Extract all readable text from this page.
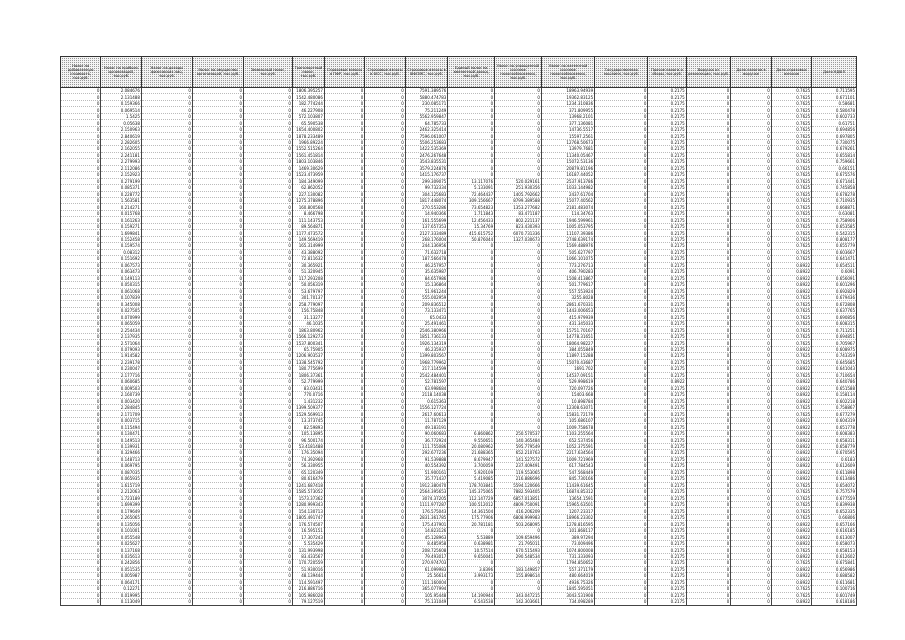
Налог на добавленную стоимость, тыс.руб.	Налог на прибыль организаций, тыс.руб.	Налог на доходы физических лиц, тыс.руб.	Налог на имущество организаций, тыс.руб.	Земельный налог, тыс.руб.	Транспортный налог, тыс.руб.	Страховые взносы в ПФР, тыс.руб.	Страховые взносы в ФСС, тыс.руб.	Страховые взносы в ФФОМС, тыс.руб.	Единый налог на вмененный доход, тыс.руб.	Налог по упрощенной системе налогообложения, тыс.руб.	Налог по патентной системе налогообложения, тыс.руб.	Государственная пошлина, тыс.руб.	Прочие налоги и сборы, тыс.руб.	Выручка от реализации, тыс.руб.	Доля налогов в выручке	Доля страховых взносов	Доля НДФЛ
0	2.084676	0	0	0	1806.395257	0	0	7591.389576	0	0	18963.94939	0	0.2175	0	0	0.7625	0.711595
0	2.131488	0	0	0	1542.480086	0	0	5880.474783	0	0	19362.83125	0	0.2175	0	0	0.7625	0.671101
0	0.159366	0	0	0	182.774244	0	0	230.085171	0	0	1234.310836	0	0.2175	0	0	0.7625	0.58681
0	0.069514	0	0	0	46.227908	0	0	75.211249	0	0	371.809955	0	0.2175	0	0	0.7625	0.580478
0	1.5425	0	0	0	572.103807	0	0	5562.959847	0	0	13968.2101	0	0.2175	0	0	0.7625	0.602733
0	0.05638	0	0	0	65.590538	0	0	64.785733	0	0	377.136081	0	0.2175	0	0	0.7625	0.61751
0	2.150963	0	0	0	1654.400802	0	0	2462.325414	0	0	14736.5517	0	0.2175	0	0	0.7625	0.694856
0	2.840619	0	0	0	1878.233489	0	0	7596.061007	0	0	15597.2561	0	0.2175	0	0	0.7625	0.697805
0	2.282605	0	0	0	1966.89224	0	0	5506.253683	0	0	12768.50673	0	0.2175	0	0	0.7625	0.730075
0	2.162055	0	0	0	1552.515264	0	0	1422.535369	0	0	13979.7681	0	0.2175	0	0	0.7625	0.679261
0	2.241181	0	0	0	1561.451814	0	0	2476.267648	0	0	11340.05467	0	0.2175	0	0	0.7625	0.655814
0	2.279993	0	0	0	1803.103846	0	0	3543.835531	0	0	15072.53136	0	0.2175	0	0	0.7625	0.759661
0	2.112086	0	0	0	1469.30629	0	0	3579.224876	0	0	20879.81196	0	0.2175	0	0	0.7625	0.66151
0	2.152923	0	0	0	1523.473959	0	0	1415.176737	0	0	16187.44052	0	0.2175	0	0	0.7625	0.675576
0	0.279199	0	0	0	184.349099	0	0	299.309075	13.117076	520.029161	2537.913786	0	0.2175	0	0	0.7625	0.671441
0	0.085371	0	0	0	62.862052	0	0	99.732334	5.133091	251.930356	1033.144982	0	0.2175	0	0	0.7625	0.745858
0	0.228772	0	0	0	227.130082	0	0	304.125683	72.464437	1405.792662	2437.61704	0	0.2175	0	0	0.7625	0.678278
0	1.563581	0	0	0	1275.378896	0	0	1817.448074	309.156667	8799.389588	15077.40562	0	0.2175	0	0	0.7625	0.710935
0	0.214271	0	0	0	160.800568	0	0	270.553286	73.654823	1353.277682	2181.483074	0	0.2175	0	0	0.7625	0.668871
0	0.015768	0	0	0	8.466798	0	0	14.940366	1.711843	83.471187	114.34763	0	0.2175	0	0	0.7625	0.63081
0	0.161263	0	0	0	111.143753	0	0	161.555699	12.456433	802.221137	1946.599961	0	0.2175	0	0	0.7625	0.758906
0	0.159271	0	0	0	89.564871	0	0	137.657353	15.34769	823.430393	1005.053795	0	0.2175	0	0	0.7625	0.653585
0	1.699841	0	0	0	1177.473572	0	0	2127.333489	415.615752	6070.731336	11107.39386	0	0.2175	0	0	0.7625	0.542315
0	0.152458	0	0	0	149.569419	0	0	268.176004	50.876044	1327.030673	2748.639174	0	0.2175	0	0	0.7625	0.808177
0	0.159574	0	0	0	165.314999	0	0	244.136956	0	0	1569.488976	0	0.2175	0	0	0.7625	0.655779
0	0.08312	0	0	0	43.388092	0	0	71.632718	0	0	505.627797	0	0.2175	0	0	0.7625	0.603667
0	0.151692	0	0	0	72.811632	0	0	187.566478	0	0	1066.101075	0	0.2175	0	0	0.7625	0.641471
0	0.067573	0	0	0	30.365921	0	0	46.257957	0	0	773.276713	0	0.2175	0	0	0.8922	0.654511
0	0.063473	0	0	0	51.320945	0	0	35.635987	0	0	406.790283	0	0.2175	0	0	0.8922	0.6091
0	0.149113	0	0	0	117.293208	0	0	84.657986	0	0	1508.413867	0	0.2175	0	0	0.8922	0.656091
0	0.050315	0	0	0	50.056319	0	0	15.136864	0	0	501.779617	0	0.2175	0	0	0.8922	0.601296
0	0.061068	0	0	0	53.679797	0	0	51.961244	0	0	557.553924	0	0.2175	0	0	0.8922	0.692829
0	0.107839	0	0	0	301.70137	0	0	555.002959	0	0	3255.8028	0	0.2175	0	0	0.7625	0.679436
0	0.345008	0	0	0	258.779097	0	0	209.836512	0	0	2861.670331	0	0.2175	0	0	0.7625	0.672808
0	0.027505	0	0	0	156.75848	0	0	73.133471	0	0	1443.006653	0	0.2175	0	0	0.7625	0.637765
0	0.070999	0	0	0	31.13277	0	0	65.0433	0	0	415.979939	0	0.2175	0	0	0.7625	0.690856
0	0.065059	0	0	0	46.1035	0	0	25.491461	0	0	431.345033	0	0.2175	0	0	0.7625	0.608315
0	2.254434	0	0	0	1863.80962	0	0	2546.380966	0	0	15751.70167	0	0.2175	0	0	0.7625	0.711251
0	2.137935	0	0	0	1566.129273	0	0	1851.736133	0	0	14778.31651	0	0.2175	0	0	0.7625	0.694851
0	2.571064	0	0	0	1537.800341	0	0	1926.134319	0	0	18064.98227	0	0.2175	0	0	0.7625	0.705967
0	0.079093	0	0	0	65.75905	0	0	46.235937	0	0	384.055849	0	0.2175	0	0	0.8922	0.608975
0	1.914582	0	0	0	1206.903537	0	0	1399.803567	0	0	11897.15288	0	0.2175	0	0	0.7625	0.743359
0	2.239178	0	0	0	1338.545792	0	0	1968.779962	0	0	15070.43687	0	0.2175	0	0	0.7625	0.645685
0	0.230047	0	0	0	180.775699	0	0	217.114599	0	0	1691.702	0	0.2175	0	0	0.8922	0.641043
0	2.177716	0	0	0	1806.37361	0	0	2542.484401	0	0	14537.09151	0	0.2175	0	0	0.7625	0.710654
0	0.060685	0	0	0	52.779999	0	0	52.781597	0	0	529.998619	0	0.8922	0	0	0.8922	0.640786
0	0.009503	0	0	0	83.03431	0	0	63.998684	0	0	720.097726	0	0.2175	0	0	0.8922	0.651588
0	2.160739	0	0	0	770.0716	0	0	2118.14038	0	0	15403.668	0	0.2175	0	0	0.8922	0.158114
0	0.003420	0	0	0	1.431232	0	0	0.615363	0	0	10.898784	0	0.2175	0	0	0.8922	0.602218
0	2.284845	0	0	0	1399.509377	0	0	1556.127724	0	0	12308.63071	0	0.2175	0	0	0.7625	0.758867
0	2.171709	0	0	0	1529.569913	0	0	2617.60613	0	0	15831.72179	0	0.2175	0	0	0.7625	0.677279
0	0.003715	0	0	0	13.373745	0	0	11.787129	0	0	105.686107	0	0.2175	0	0	0.8922	0.604319
0	0.115494	0	0	0	82.59893	0	0	49.183191	0	0	1009.758678	0	0.2175	0	0	0.8922	0.651778
0	0.130471	0	0	0	105.13895	0	0	90.060683	6.860862	250.570537	1103.255564	0	0.2175	0	0	0.8922	0.608383
0	0.149513	0	0	0	96.500174	0	0	36.772924	9.550651	140.365484	652.537456	0	0.2175	0	0	0.8922	0.658311
0	0.139931	0	0	0	53.4181488	0	0	111.755086	20.080962	595.779549	1052.375591	0	0.2175	0	0	0.8922	0.658779
0	0.329466	0	0	0	176.35094	0	0	292.677236	21.688365	652.210763	2217.634564	0	0.2175	0	0	0.8922	0.670595
0	0.148713	0	0	0	74.392968	0	0	91.539888	8.679947	141.527572	1009.721969	0	0.2175	0	0	0.8922	0.6183
0	0.069795	0	0	0	56.330955	0	0	40.554392	3.700059	237.409491	617.784543	0	0.2175	0	0	0.8922	0.612609
0	0.087035	0	0	0	65.120349	0	0	51.900161	5.920109	119.553065	547.568449	0	0.2175	0	0	0.8922	0.611898
0	0.065935	0	0	0	80.616479	0	0	35.771437	5.419085	216.886696	845.730166	0	0.2175	0	0	0.8922	0.613486
0	1.615719	0	0	0	1241.687418	0	0	1912.380470	178.703841	5594.120666	11439.61645	0	0.2175	0	0	0.7625	0.654072
0	2.212063	0	0	0	1585.573052	0	0	2564.395653	145.375065	7882.593405	16874.85312	0	0.2175	0	0	0.7625	0.757579
0	1.723189	0	0	0	1573.37362	0	0	3074.37205	112.147729	6857.013851	13654.1591	0	0.2175	0	0	0.7625	0.677559
0	1.699399	0	0	0	1280.999343	0	0	1111.977287	100.512012	4809.750091	15965.63501	0	0.2175	0	0	0.7625	0.839938
0	0.179649	0	0	0	154.130713	0	0	176.575043	14.361504	416.206209	1207.23317	0	0.2175	0	0	0.7625	0.652335
0	2.265065	0	0	0	1805.491747	0	0	2831.361785	175.77906	6808.999983	18966.23302	0	0.2175	0	0	0.7625	0.66806
0	0.135056	0	0	0	176.574507	0	0	175.437901	20.781181	503.268095	1278.816595	0	0.2175	0	0	0.8922	0.657166
0	0.101001	0	0	0	16.595151	0	0	14.823126	0	0	101.868117	0	0.2175	0	0	0.8922	0.616185
0	0.055548	0	0	0	17.307243	0	0	45.128963	5.53889	109.659496	389.97294	0	0.2175	0	0	0.8922	0.613007
0	0.025627	0	0	0	5.535429	0	0	8.485958	0.638981	21.795011	73.009496	0	0.2175	0	0	0.8922	0.658073
0	0.137168	0	0	0	131.993998	0	0	208.725608	10.57514	670.515493	1074.800008	0	0.2175	0	0	0.7625	0.658153
0	0.035613	0	0	0	83.433567	0	0	79.493017	9.650041	290.548534	731.333093	0	0.2175	0	0	0.8922	0.612602
0	0.242856	0	0	0	170.720559	0	0	270.974703	0	0	1794.850652	0	0.2175	0	0	0.7625	0.675841
0	0.051535	0	0	0	51.930016	0	0	61.099983	3.8396	183.149857	557.371179	0	0.2175	0	0	0.8922	0.656986
0	0.005987	0	0	0	48.139444	0	0	25.56614	3.993173	155.898614	480.664019	0	0.2175	0	0	0.8922	0.688582
0	0.064171	0	0	0	114.591497	0	0	111.160004	0	0	4936.75326	0	0.2175	0	0	0.8922	0.611681
0	0.12271	0	0	0	216.886716	0	0	365.077994	0	0	1845.595051	0	0.2175	0	0	0.7625	0.100716
0	0.019995	0	0	0	105.986028	0	0	105.95448	14.190944	343.047215	3043.531908	0	0.2175	0	0	0.7625	0.601749
0	0.113049	0	0	0	79.127519	0	0	75.131049	6.543538	142.303661	734.098289	0	0.2175	0	0	0.8922	0.618186
